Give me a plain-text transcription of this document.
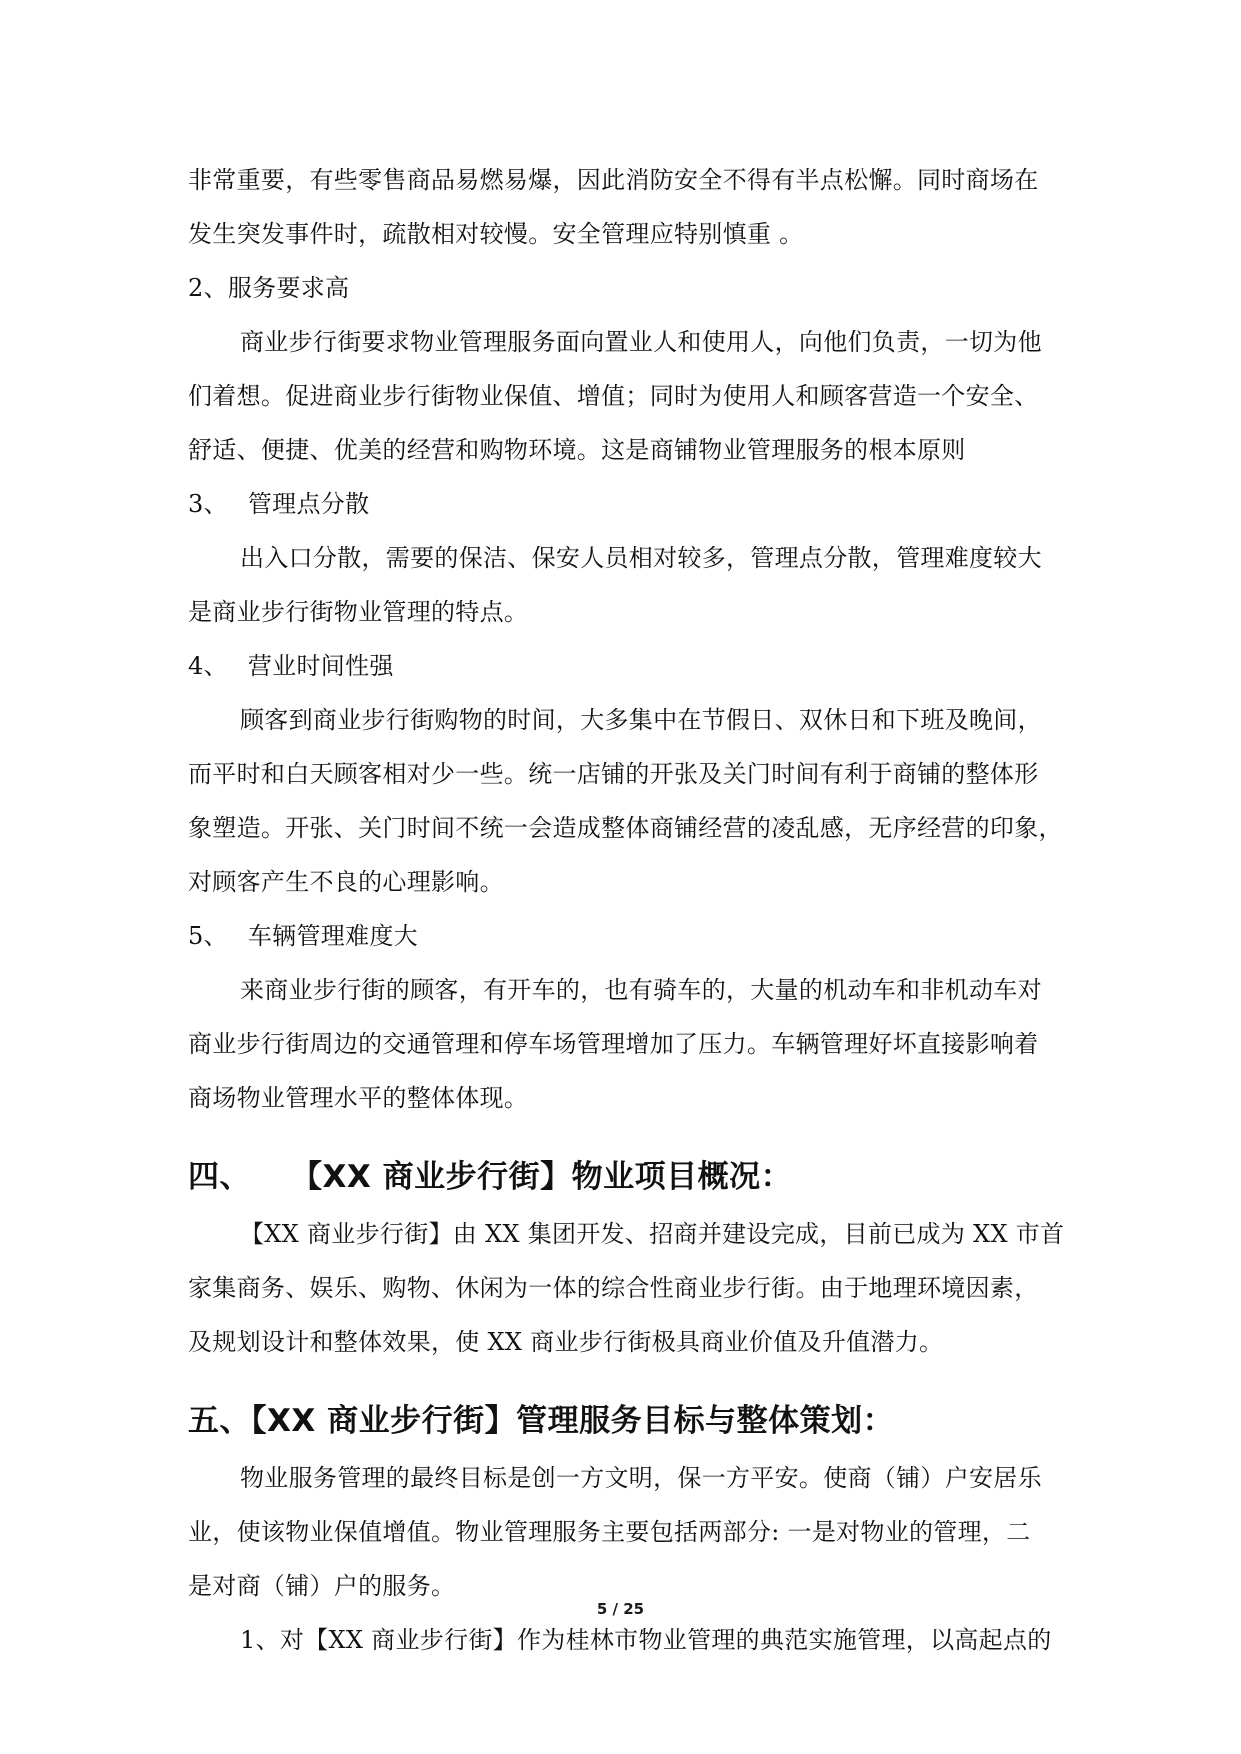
非常重要，有些零售商品易燃易爆，因此消防安全不得有半点松懈。同时商场在
发生突发事件时，疏散相对较慢。安全管理应特别慎重 。
2、服务要求高
商业步行街要求物业管理服务面向置业人和使用人，向他们负责，一切为他
们着想。促进商业步行街物业保值、增值；同时为使用人和顾客营造一个安全、
舒适、便捷、优美的经营和购物环境。这是商铺物业管理服务的根本原则
3、 管理点分散
出入口分散，需要的保洁、保安人员相对较多，管理点分散，管理难度较大
是商业步行街物业管理的特点。
4、 营业时间性强
顾客到商业步行街购物的时间，大多集中在节假日、双休日和下班及晚间，
而平时和白天顾客相对少一些。统一店铺的开张及关门时间有利于商铺的整体形
象塑造。开张、关门时间不统一会造成整体商铺经营的凌乱感，无序经营的印象，
对顾客产生不良的心理影响。
5、 车辆管理难度大
来商业步行街的顾客，有开车的，也有骑车的，大量的机动车和非机动车对
商业步行街周边的交通管理和停车场管理增加了压力。车辆管理好坏直接影响着
商场物业管理水平的整体体现。
四、 【XX 商业步行街】物业项目概况：
【XX 商业步行街】由 XX 集团开发、招商并建设完成，目前已成为 XX 市首
家集商务、娱乐、购物、休闲为一体的综合性商业步行街。由于地理环境因素，
及规划设计和整体效果，使 XX 商业步行街极具商业价值及升值潜力。
五、【XX 商业步行街】管理服务目标与整体策划：
物业服务管理的最终目标是创一方文明，保一方平安。使商（铺）户安居乐
业，使该物业保值增值。物业管理服务主要包括两部分: 一是对物业的管理，二
是对商（铺）户的服务。
1、对【XX 商业步行街】作为桂林市物业管理的典范实施管理，以高起点的
5 / 25
